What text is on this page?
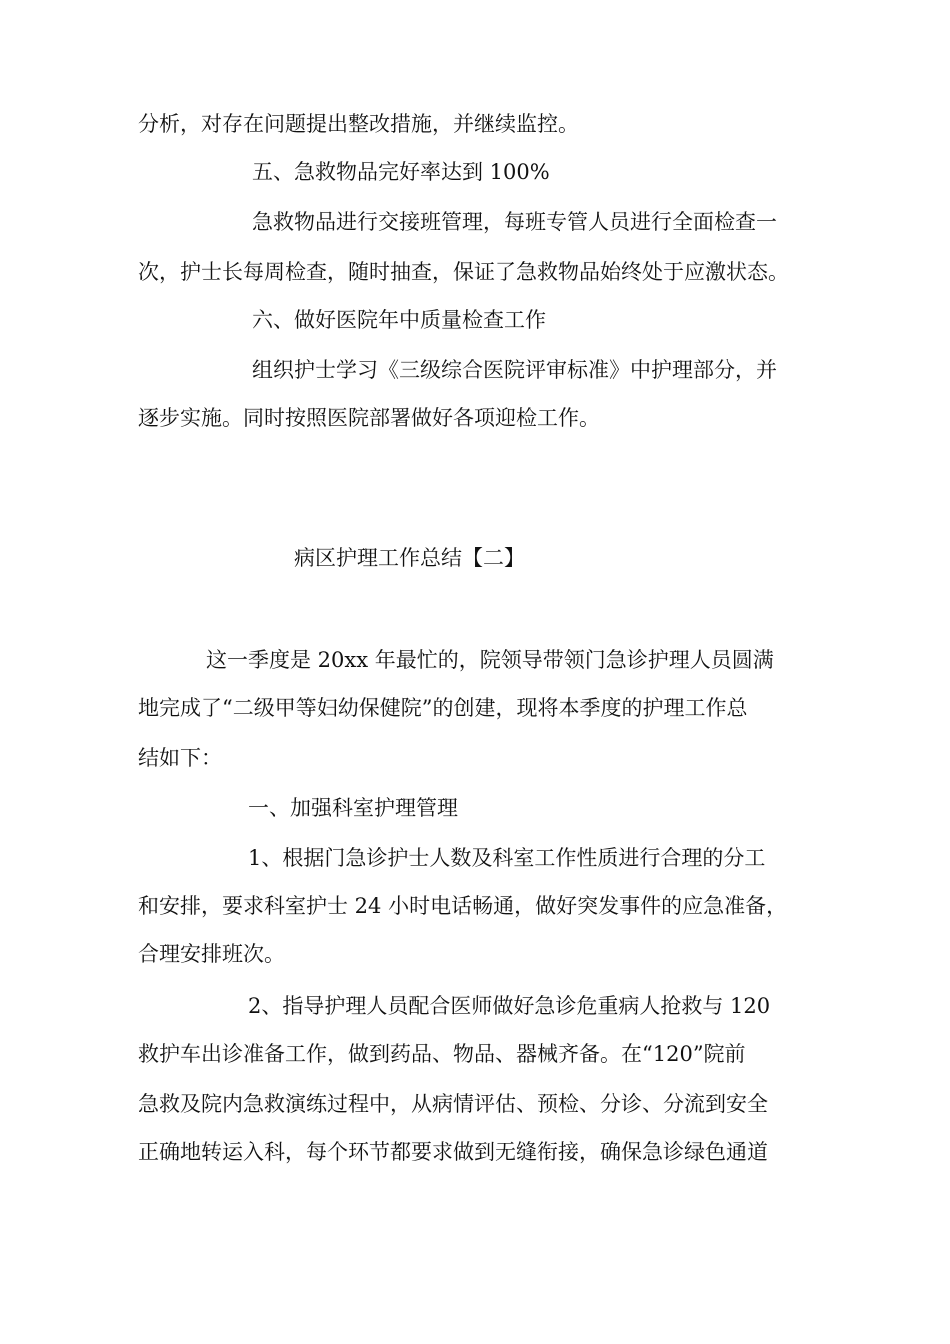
分析，对存在问题提出整改措施，并继续监控。
五、急救物品完好率达到 100%
急救物品进行交接班管理，每班专管人员进行全面检查一
次，护士长每周检查，随时抽查，保证了急救物品始终处于应激状态。
六、做好医院年中质量检查工作
组织护士学习《三级综合医院评审标准》中护理部分，并
逐步实施。同时按照医院部署做好各项迎检工作。
病区护理工作总结【二】
这一季度是 20xx 年最忙的，院领导带领门急诊护理人员圆满
地完成了“二级甲等妇幼保健院”的创建，现将本季度的护理工作总
结如下：
一、加强科室护理管理
1、根据门急诊护士人数及科室工作性质进行合理的分工
和安排，要求科室护士 24 小时电话畅通，做好突发事件的应急准备，
合理安排班次。
2、指导护理人员配合医师做好急诊危重病人抢救与 120
救护车出诊准备工作，做到药品、物品、器械齐备。在“120”院前
急救及院内急救演练过程中，从病情评估、预检、分诊、分流到安全
正确地转运入科，每个环节都要求做到无缝衔接，确保急诊绿色通道
